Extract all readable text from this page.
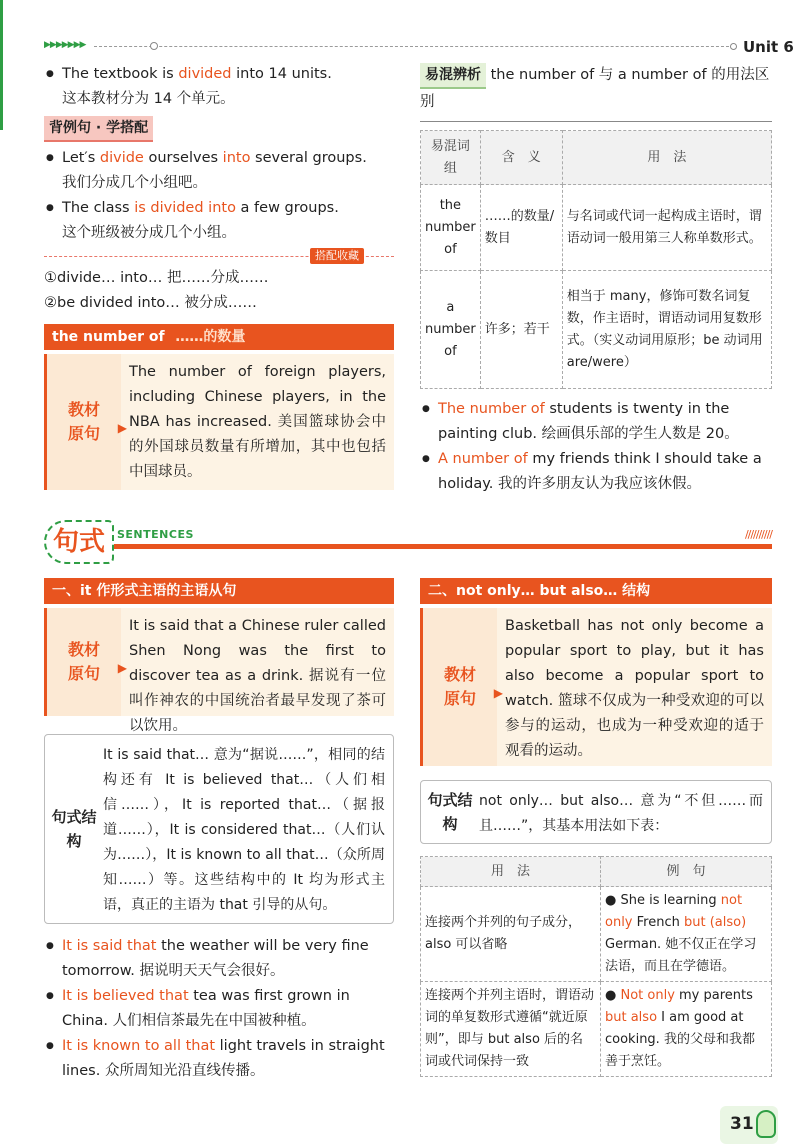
▶▶▶▶▶▶▶	Unit 6

● The textbook is divided into 14 units.

这本教材分为 14 个单元。

背例句 · 学搭配

● Let′s divide ourselves into several groups.

我们分成几个小组吧。

● The class is divided into a few groups.

这个班级被分成几个小组。

搭配收藏

①divide… into… 把……分成……

②be divided into… 被分成……

the number of ……的数量
教材
原句 ▶

The number of foreign players, including Chinese players, in the NBA has increased. 美国篮球协会中的外国球员数量有所增加，其中也包括中国球员。

易混辨析 the number of 与 a number of 的用法区别

易混词组	含　义	用　法
the number of	……的数量/数目	与名词或代词一起构成主语时，谓语动词一般用第三人称单数形式。
a number of	许多；若干	相当于 many，修饰可数名词复数，作主语时，谓语动词用复数形式。（实义动词用原形；be 动词用 are/were）

● The number of students is twenty in the painting club. 绘画俱乐部的学生人数是 20。

● A number of my friends think I should take a holiday. 我的许多朋友认为我应该休假。

句式	SENTENCES	//////////
一、it 作形式主语的主语从句
教材
原句 ▶

It is said that a Chinese ruler called Shen Nong was the first to discover tea as a drink. 据说有一位叫作神农的中国统治者最早发现了茶可以饮用。

句式结构

It is said that… 意为“据说……”，相同的结构还有 It is believed that…（人们相信……），It is reported that…（据报道……），It is considered that…（人们认为……），It is known to all that…（众所周知……）等。这些结构中的 It 均为形式主语，真正的主语为 that 引导的从句。

● It is said that the weather will be very fine tomorrow. 据说明天天气会很好。

● It is believed that tea was first grown in China. 人们相信茶最先在中国被种植。

● It is known to all that light travels in straight lines. 众所周知光沿直线传播。

二、not only… but also… 结构
教材
原句 ▶

Basketball has not only become a popular sport to play, but it has also become a popular sport to watch. 篮球不仅成为一种受欢迎的可以参与的运动，也成为一种受欢迎的适于观看的运动。

句式结构

not only… but also… 意为“不但……而且……”，其基本用法如下表：

用　法	例　句
连接两个并列的句子成分，also 可以省略	● She is learning not only French but (also) German. 她不仅正在学习法语，而且在学德语。
连接两个并列主语时，谓语动词的单复数形式遵循“就近原则”，即与 but also 后的名词或代词保持一致	● Not only my parents but also I am good at cooking. 我的父母和我都善于烹饪。
31
